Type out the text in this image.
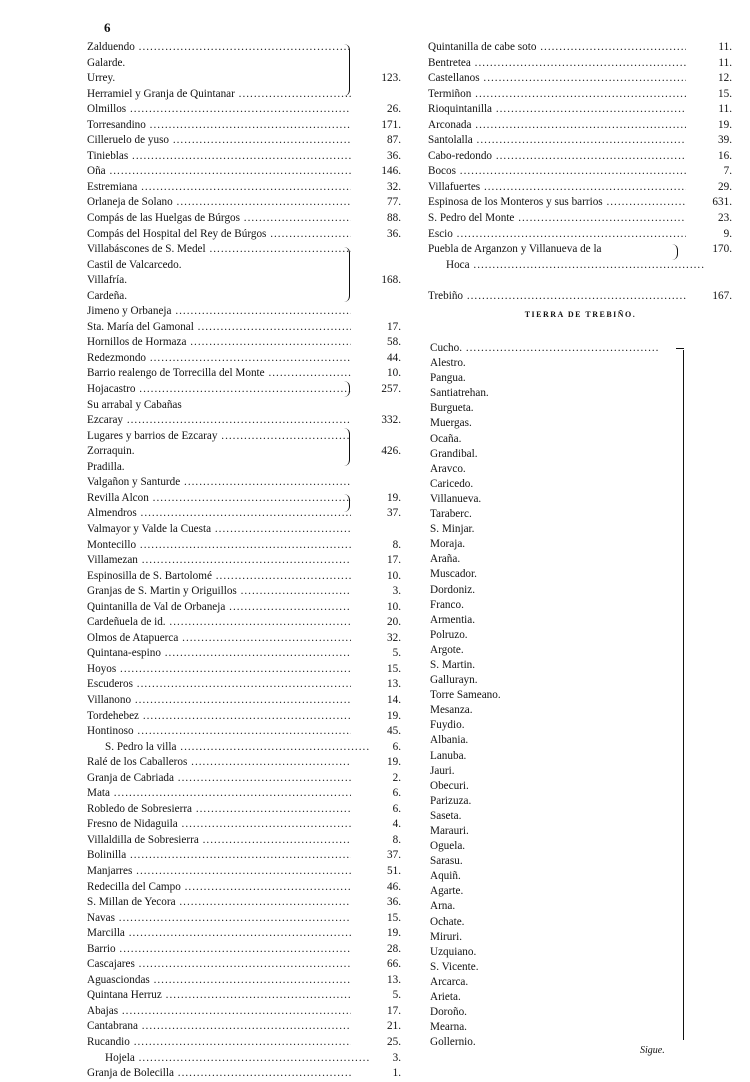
6
Zalduendo .....
Galarde.
Urrey.	123.
Herramiel y Granja de Quintanar .....
Olmillos .....	26.
Torresandino .....	171.
Cilleruelo de yuso .....	87.
Tinieblas .....	36.
Oña .....	146.
Estremiana .....	32.
Orlaneja de Solano .....	77.
Compás de las Huelgas de Búrgos .....	88.
Compás del Hospital del Rey de Búrgos .....	36.
Villabáscones de S. Medel .....
Castil de Valcarcedo.
Villafría.	168.
Cardeña.
Jimeno y Orbaneja .....
Sta. María del Gamonal .....	17.
Hornillos de Hormaza .....	58.
Redezmondo .....	44.
Barrio realengo de Torrecilla del Monte .....	10.
Hojacastro .....	257.
Su arrabal y Cabañas
Ezcaray .....	332.
Lugares y barrios de Ezcaray .....
Zorraquin.	426.
Pradilla.
Valgañon y Santurde .....
Revilla Alcon .....	19.
Almendros .....	37.
Valmayor y Valde la Cuesta .....
Montecillo .....	8.
Villamezan .....	17.
Espinosilla de S. Bartolomé .....	10.
Granjas de S. Martin y Origuillos .....	3.
Quintanilla de Val de Orbaneja .....	10.
Cardeñuela de id. .....	20.
Olmos de Atapuerca .....	32.
Quintana-espino .....	5.
Hoyos .....	15.
Escuderos .....	13.
Villanono .....	14.
Tordehebez .....	19.
Hontinoso .....	45.
S. Pedro la villa .....	6.
Ralé de los Caballeros .....	19.
Granja de Cabriada .....	2.
Mata .....	6.
Robledo de Sobresierra .....	6.
Fresno de Nidaguila .....	4.
Villaldilla de Sobresierra .....	8.
Bolinilla .....	37.
Manjarres .....	51.
Redecilla del Campo .....	46.
S. Millan de Yecora .....	36.
Navas .....	15.
Marcilla .....	19.
Barrio .....	28.
Cascajares .....	66.
Aguasciondas .....	13.
Quintana Herruz .....	5.
Abajas .....	17.
Cantabrana .....	21.
Rucandio .....	25.
Hojela .....	3.
Granja de Bolecilla .....	1.
Quintanilla de cabe soto .....	11.
Bentretea .....	11.
Castellanos .....	12.
Termiñon .....	15.
Rioquintanilla .....	11.
Arconada .....	19.
Santolalla .....	39.
Cabo-redondo .....	16.
Bocos .....	7.
Villafuertes .....	29.
Espinosa de los Monteros y sus barrios .....	631.
S. Pedro del Monte .....	23.
Escio .....	9.
Puebla de Arganzon y Villanueva de la	170.
Hoca .....
Trebiño .....	167.
TIERRA DE TREBIÑO.
Cucho. .....
Alestro.
Pangua.
Santiatrehan.
Burgueta.
Muergas.
Ocaña.
Grandibal.
Aravco.
Caricedo.
Villanueva.
Taraberc.
S. Minjar.
Moraja.
Araña.
Muscador.
Dordoniz.
Franco.
Armentia.
Polruzo.
Argote.
S. Martin.
Gallurayn.
Torre Sameano.
Mesanza.
Fuydio.
Albania.
Lanuba.
Jauri.
Obecuri.
Parizuza.
Saseta.
Marauri.
Oguela.
Sarasu.
Aquiñ.
Agarte.
Arna.
Ochate.
Miruri.
Uzquiano.
S. Vicente.
Arcarca.
Arieta.
Doroño.
Mearna.
Gollernio.
Sigue.
